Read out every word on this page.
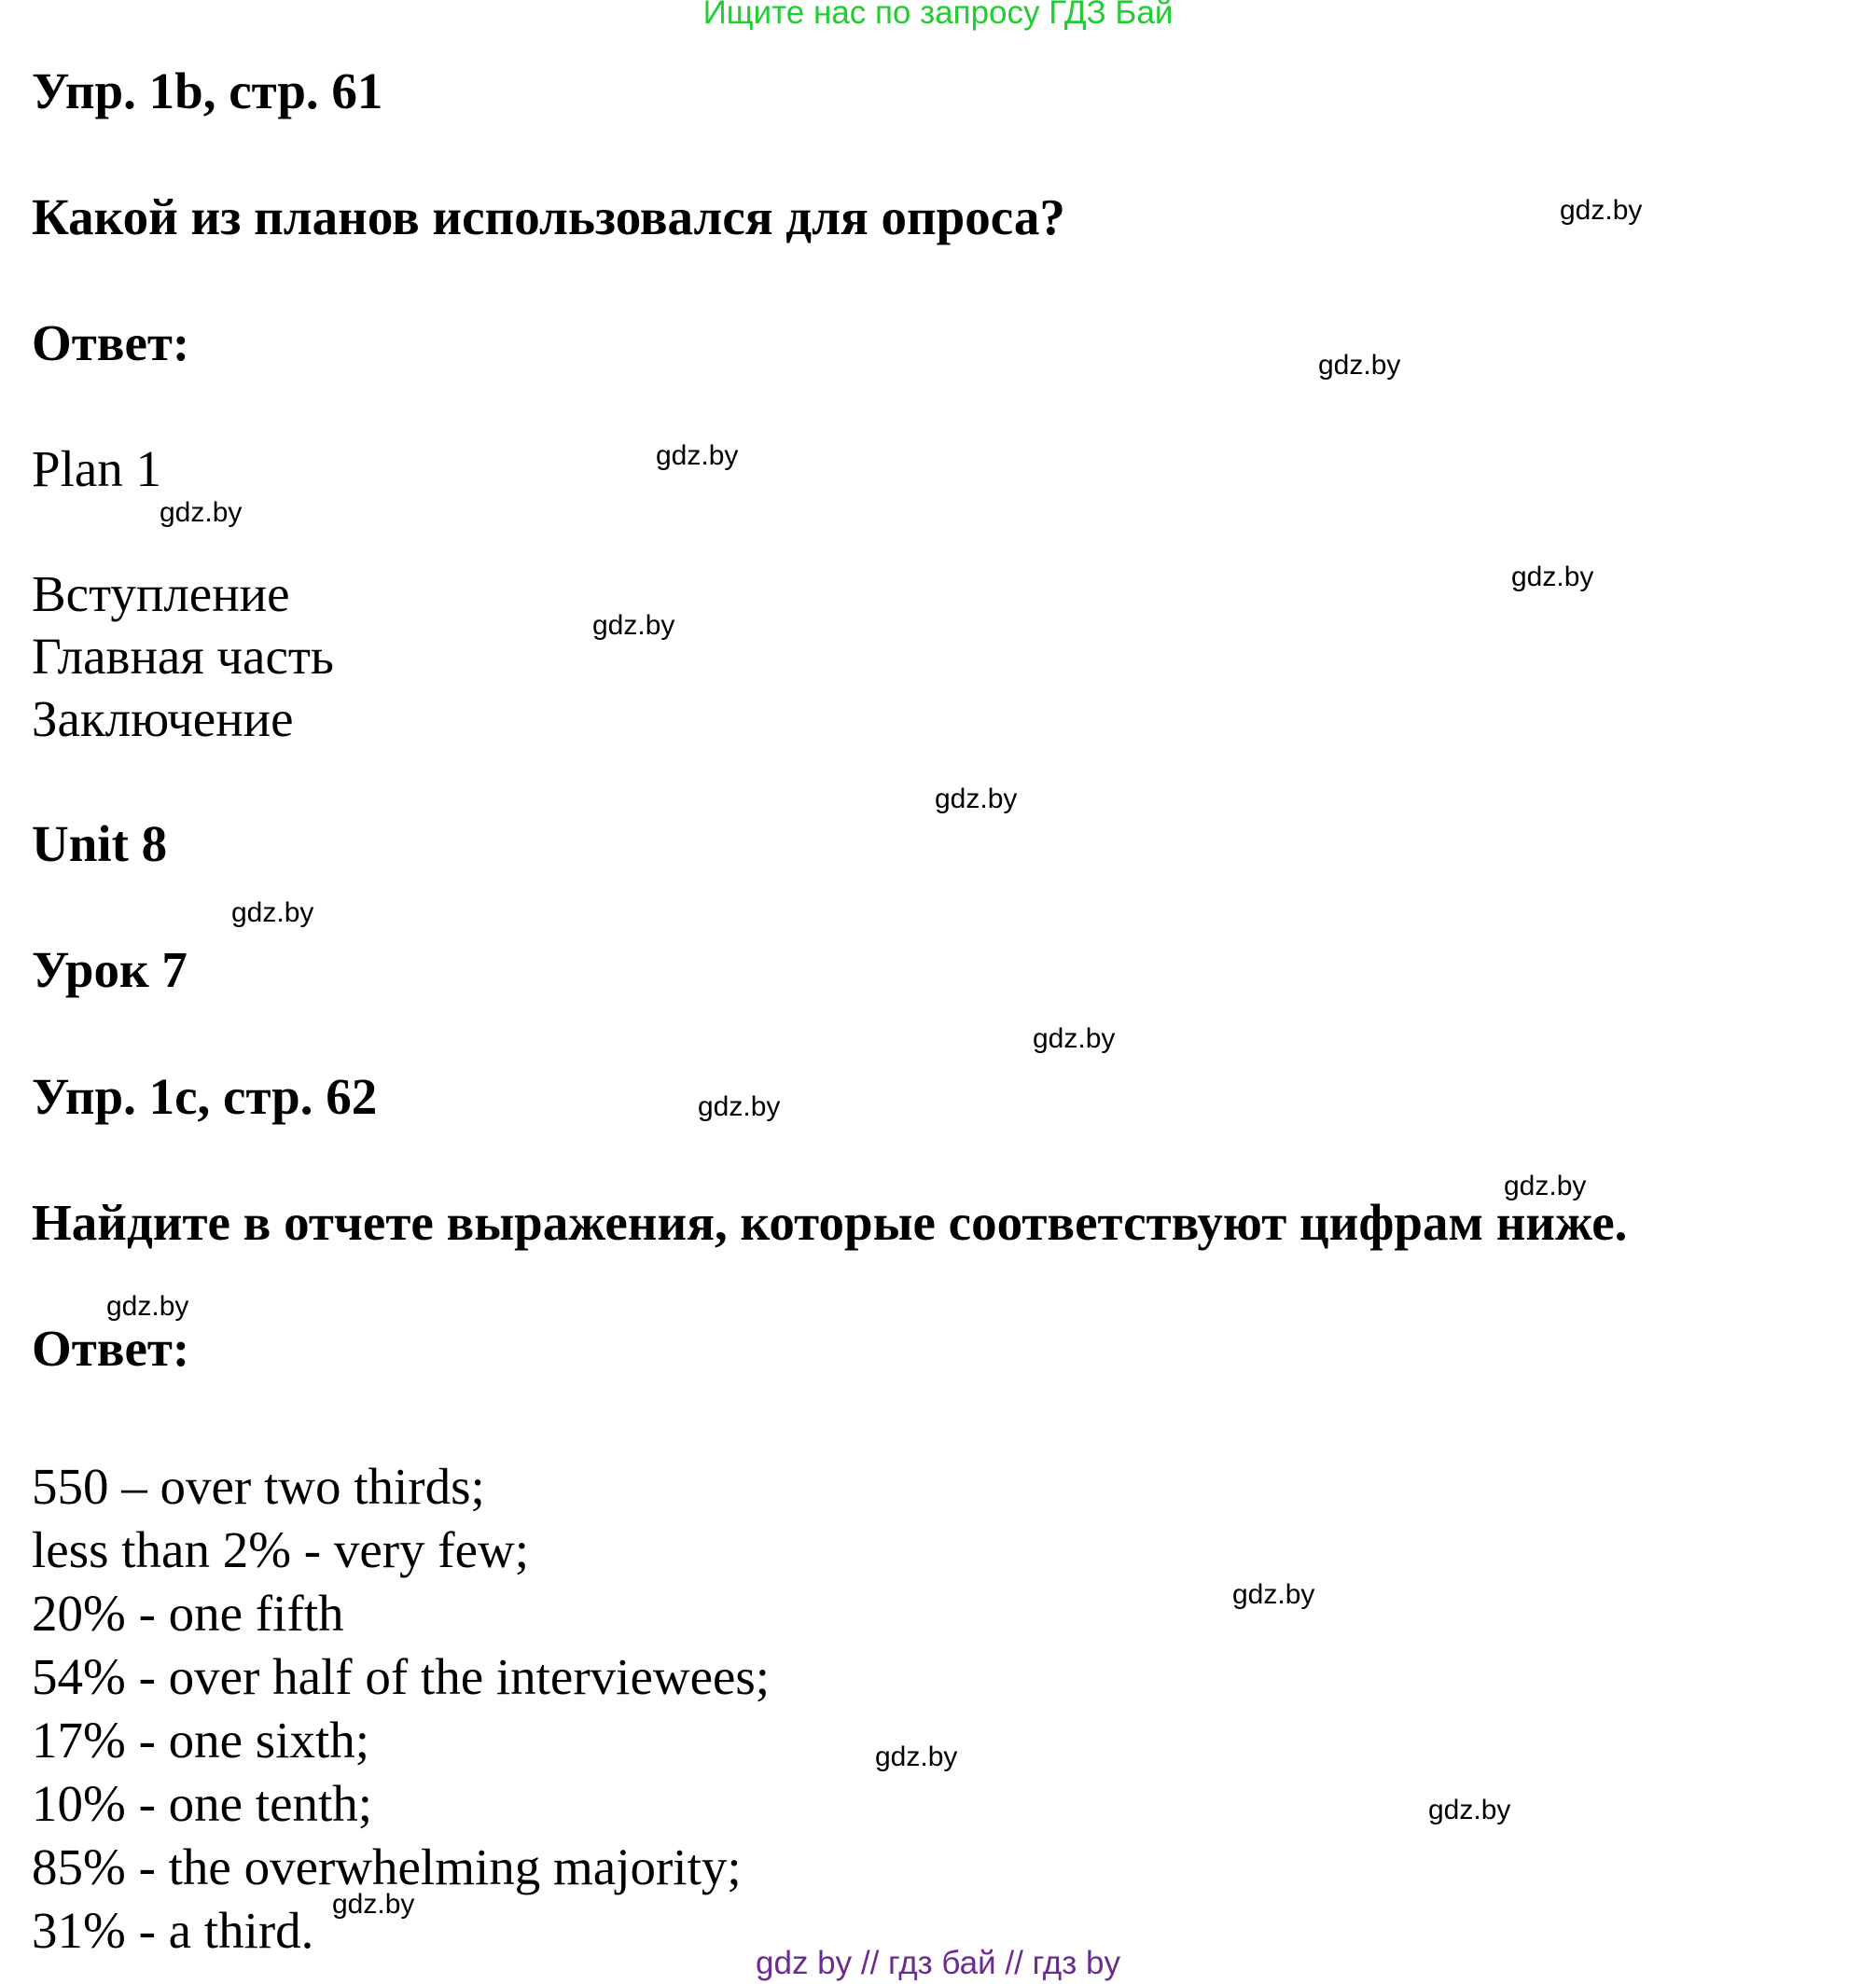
Ищите нас по запросу ГДЗ Бай
Упр. 1b, стр. 61
Какой из планов использовался для опроса?
Ответ:
Plan 1
Вступление
Главная часть
Заключение
Unit 8
Урок 7
Упр. 1c, стр. 62
Найдите в отчете выражения, которые соответствуют цифрам ниже.
Ответ:
550 – over two thirds;
less than 2% - very few;
20% - one fifth
54% - over half of the interviewees;
17% - one sixth;
10% - one tenth;
85% - the overwhelming majority;
31% - a third.
gdz.by
gdz.by
gdz.by
gdz.by
gdz.by
gdz.by
gdz.by
gdz.by
gdz.by
gdz.by
gdz.by
gdz.by
gdz.by
gdz.by
gdz.by
gdz.by
gdz by // гдз бай // гдз by
